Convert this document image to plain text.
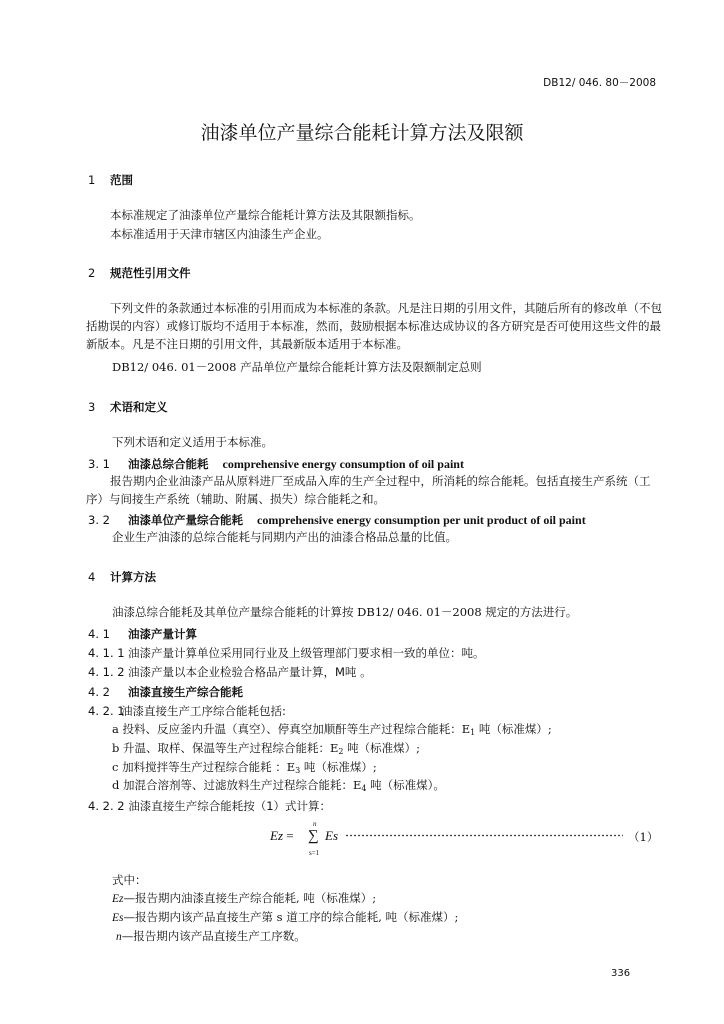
DB12/ 046. 80－2008
油漆单位产量综合能耗计算方法及限额
1 范围
本标准规定了油漆单位产量综合能耗计算方法及其限额指标。
本标准适用于天津市辖区内油漆生产企业。
2 规范性引用文件
下列文件的条款通过本标准的引用而成为本标准的条款。凡是注日期的引用文件，其随后所有的修改单（不包括勘误的内容）或修订版均不适用于本标准，然而，鼓励根据本标准达成协议的各方研究是否可使用这些文件的最新版本。凡是不注日期的引用文件，其最新版本适用于本标准。
DB12/ 046. 01－2008 产品单位产量综合能耗计算方法及限额制定总则
3 术语和定义
下列术语和定义适用于本标准。
3. 1 油漆总综合能耗 comprehensive energy consumption of oil paint
报告期内企业油漆产品从原料进厂至成品入库的生产全过程中，所消耗的综合能耗。包括直接生产系统（工序）与间接生产系统（辅助、附属、损失）综合能耗之和。
3. 2 油漆单位产量综合能耗 comprehensive energy consumption per unit product of oil paint
企业生产油漆的总综合能耗与同期内产出的油漆合格品总量的比值。
4 计算方法
油漆总综合能耗及其单位产量综合能耗的计算按 DB12/ 046. 01－2008 规定的方法进行。
4. 1 油漆产量计算
4. 1. 1 油漆产量计算单位采用同行业及上级管理部门要求相一致的单位：吨。
4. 1. 2 油漆产量以本企业检验合格品产量计算，M吨 。
4. 2 油漆直接生产综合能耗
4. 2. 1油漆直接生产工序综合能耗包括:
a 投料、反应釜内升温（真空）、停真空加顺酐等生产过程综合能耗：E1 吨（标准煤）;
b 升温、取样、保温等生产过程综合能耗：E2 吨（标准煤）;
c 加料搅拌等生产过程综合能耗 ：E3 吨（标准煤）;
d 加混合溶剂等、过滤放料生产过程综合能耗：E4 吨（标准煤）。
4. 2. 2 油漆直接生产综合能耗按（1）式计算：
Ez = ∑
n
s=1
Es	（1）
式中：
Ez—报告期内油漆直接生产综合能耗, 吨（标准煤）;
Es—报告期内该产品直接生产第 s 道工序的综合能耗, 吨（标准煤）;
n—报告期内该产品直接生产工序数。
336
